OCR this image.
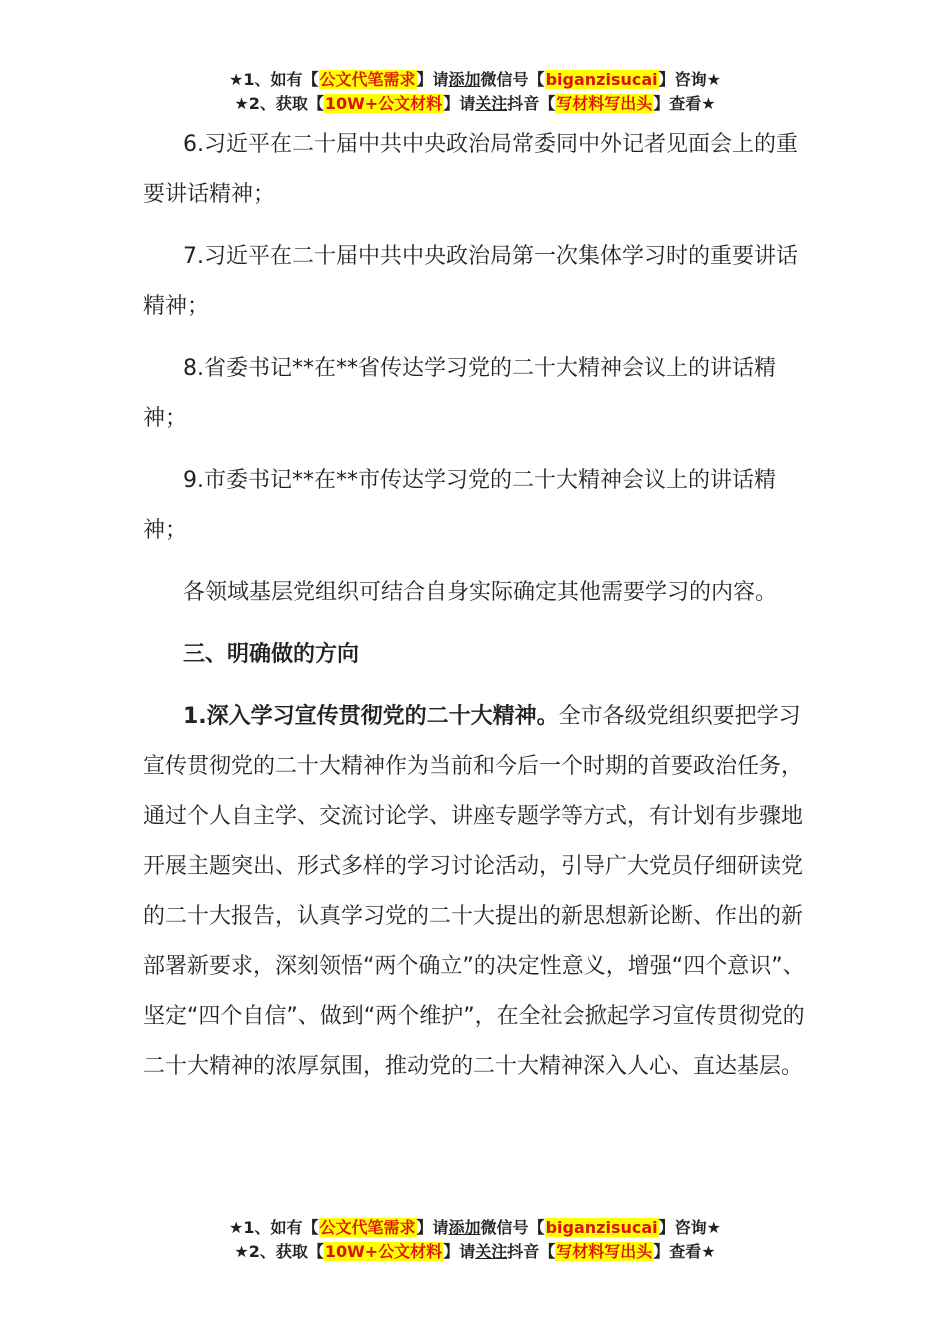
★1、如有【公文代笔需求】请添加微信号【biganzisucai】咨询★
★2、获取【10W+公文材料】请关注抖音【写材料写出头】查看★

6.习近平在二十届中共中央政治局常委同中外记者见面会上的重要讲话精神；

7.习近平在二十届中共中央政治局第一次集体学习时的重要讲话精神；

8.省委书记**在**省传达学习党的二十大精神会议上的讲话精神；

9.市委书记**在**市传达学习党的二十大精神会议上的讲话精神；

各领域基层党组织可结合自身实际确定其他需要学习的内容。

三、明确做的方向

1.深入学习宣传贯彻党的二十大精神。全市各级党组织要把学习宣传贯彻党的二十大精神作为当前和今后一个时期的首要政治任务，通过个人自主学、交流讨论学、讲座专题学等方式，有计划有步骤地开展主题突出、形式多样的学习讨论活动，引导广大党员仔细研读党的二十大报告，认真学习党的二十大提出的新思想新论断、作出的新部署新要求，深刻领悟“两个确立”的决定性意义，增强“四个意识”、坚定“四个自信”、做到“两个维护”，在全社会掀起学习宣传贯彻党的二十大精神的浓厚氛围，推动党的二十大精神深入人心、直达基层。

★1、如有【公文代笔需求】请添加微信号【biganzisucai】咨询★
★2、获取【10W+公文材料】请关注抖音【写材料写出头】查看★
